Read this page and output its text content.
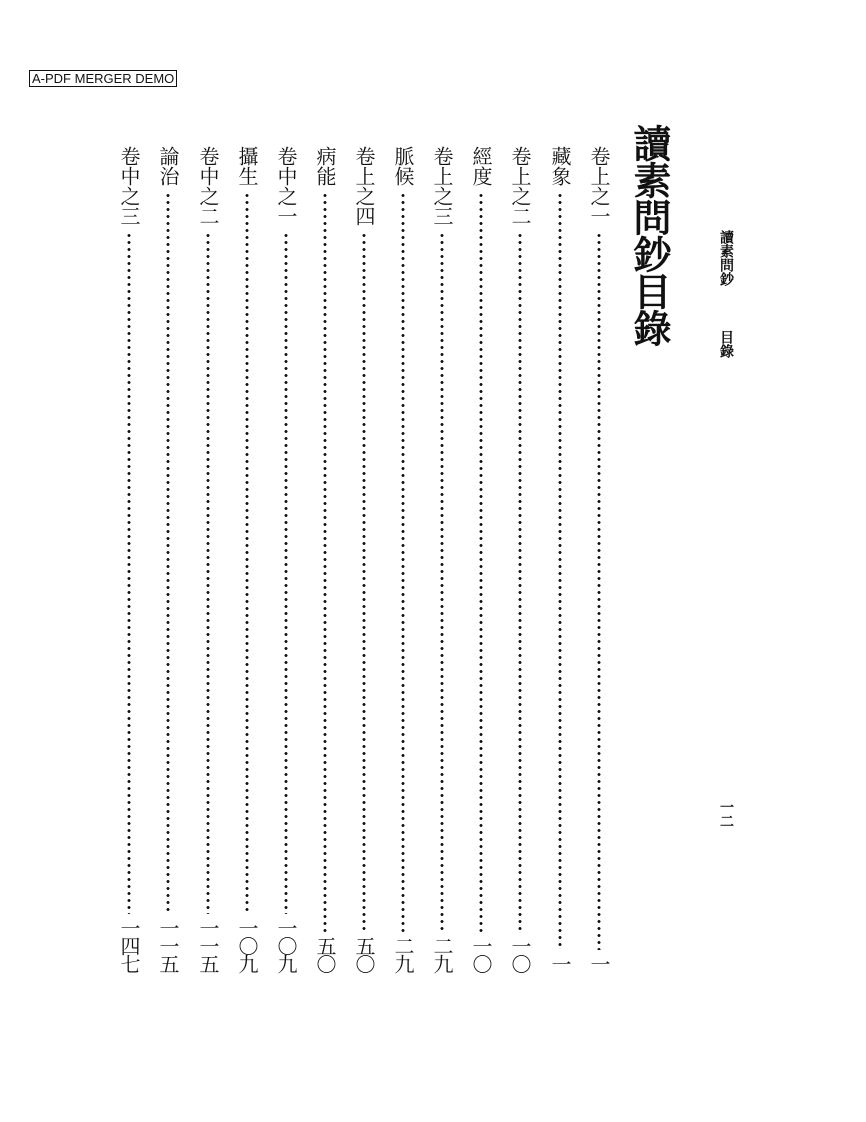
A-PDF MERGER DEMO
讀素問鈔目錄	讀素問鈔
目錄
一二
卷上之一
一
藏象
一
卷上之二
一〇
經度
一〇
卷上之三
二九
脈候
二九
卷上之四
五〇
病能
五〇
卷中之一
一〇九
攝生
一〇九
卷中之二
一一五
論治
一一五
卷中之三
一四七
